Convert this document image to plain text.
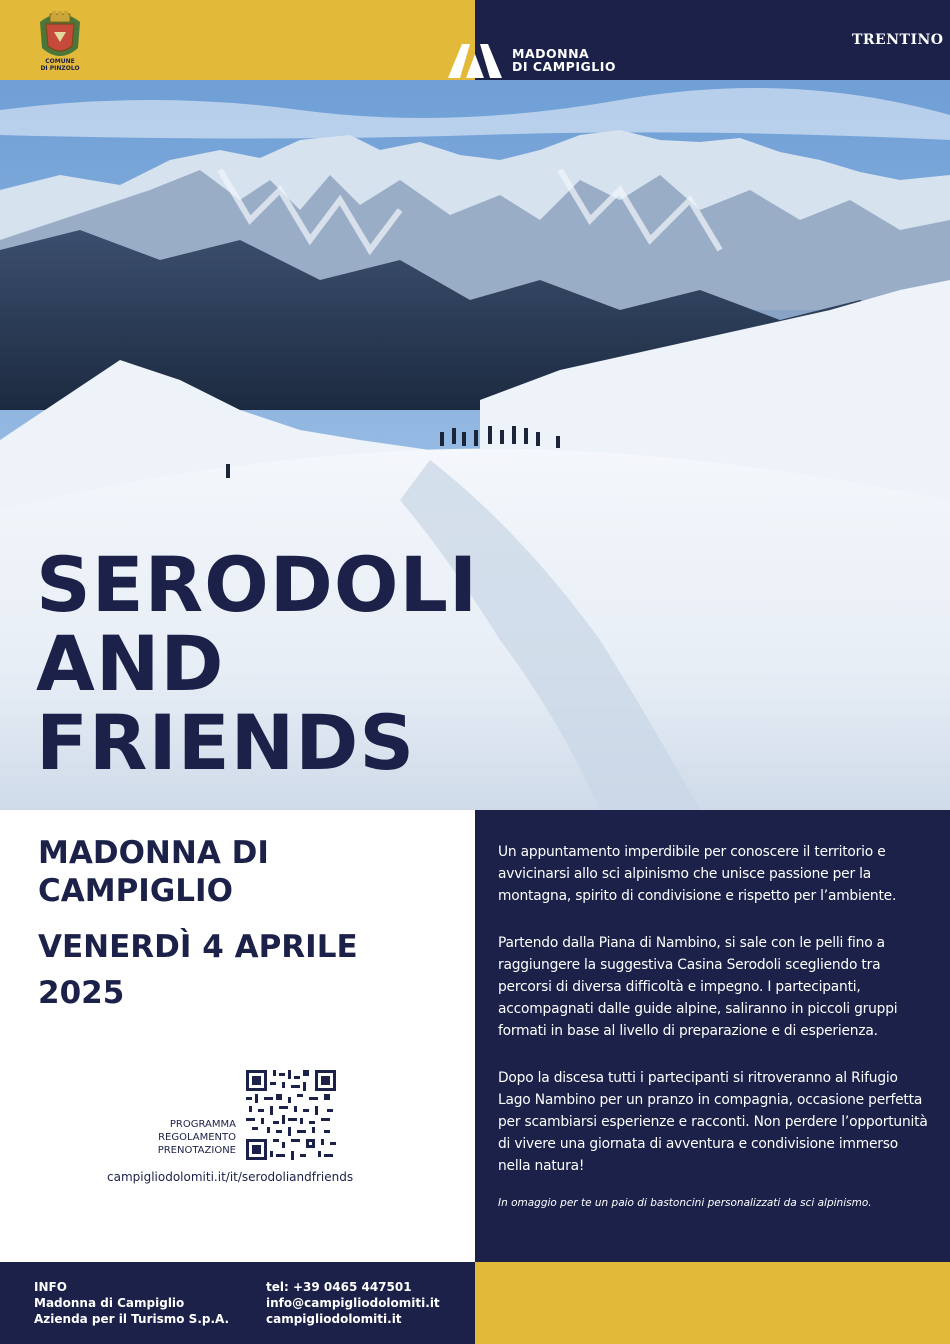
COMUNE
DI PINZOLO
MADONNA
DI CAMPIGLIO
TRENTINO
SERODOLI
AND
FRIENDS
MADONNA DI
CAMPIGLIO
VENERDÌ 4 APRILE
2025
PROGRAMMA
REGOLAMENTO
PRENOTAZIONE
campigliodolomiti.it/it/serodoliandfriends
Un appuntamento imperdibile per conoscere il territorio e avvicinarsi allo sci alpinismo che unisce passione per la montagna, spirito di condivisione e rispetto per l’ambiente.
Partendo dalla Piana di Nambino, si sale con le pelli fino a raggiungere la suggestiva Casina Serodoli scegliendo tra percorsi di diversa difficoltà e impegno. I partecipanti, accompagnati dalle guide alpine, saliranno in piccoli gruppi formati in base al livello di preparazione e di esperienza.
Dopo la discesa tutti i partecipanti si ritroveranno al Rifugio Lago Nambino per un pranzo in compagnia, occasione perfetta per scambiarsi esperienze e racconti. Non perdere l’opportunità di vivere una giornata di avventura e condivisione immerso nella natura!
In omaggio per te un paio di bastoncini personalizzati da sci alpinismo.
INFO
Madonna di Campiglio
Azienda per il Turismo S.p.A.
tel: +39 0465 447501
info@campigliodolomiti.it
campigliodolomiti.it
